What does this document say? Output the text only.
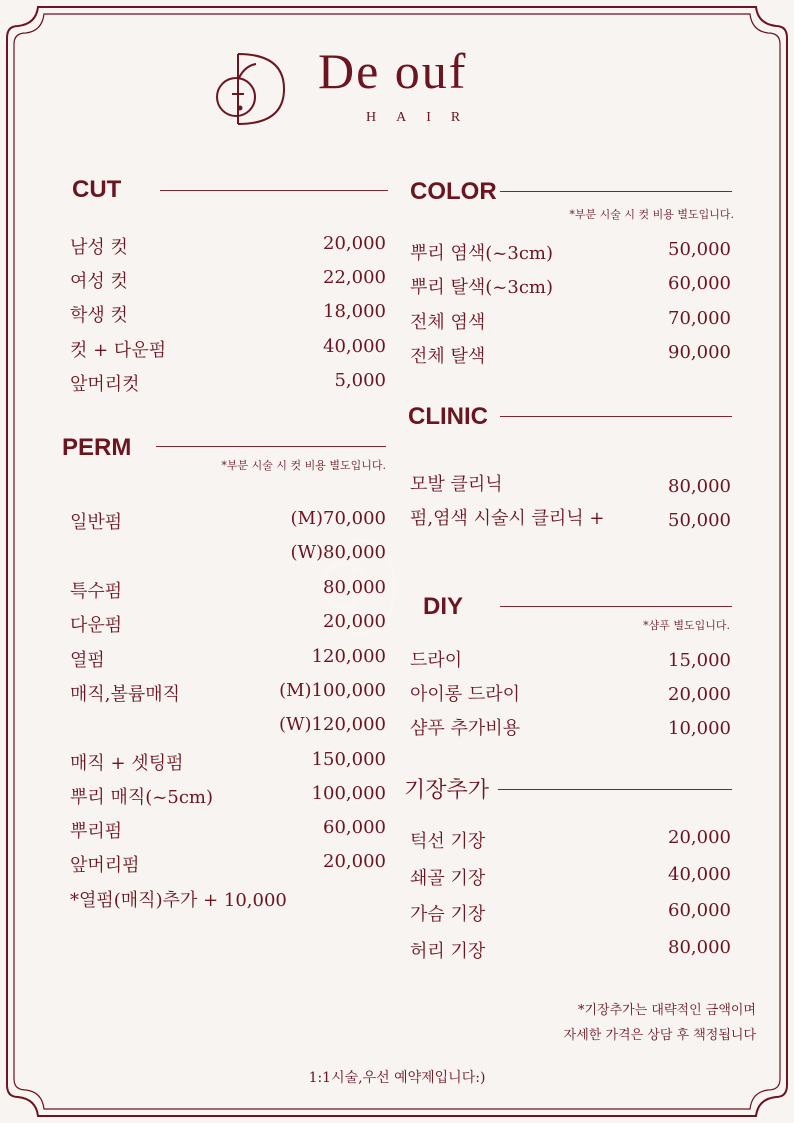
De ouf
HAIR
CUT
남성 컷	20,000
여성 컷	22,000
학생 컷	18,000
컷 + 다운펌	40,000
앞머리컷	5,000
PERM
*부분 시술 시 컷 비용 별도입니다.
일반펌	(M)70,000
(W)80,000
특수펌	80,000
다운펌	20,000
열펌	120,000
매직,볼륨매직	(M)100,000
(W)120,000
매직 + 셋팅펌	150,000
뿌리 매직(~5cm)	100,000
뿌리펌	60,000
앞머리펌	20,000
*열펌(매직)추가 + 10,000
COLOR
*부분 시술 시 컷 비용 별도입니다.
뿌리 염색(~3cm)	50,000
뿌리 탈색(~3cm)	60,000
전체 염색	70,000
전체 탈색	90,000
CLINIC
모발 클리닉	80,000
펌,염색 시술시 클리닉 +	50,000
DIY
*샴푸 별도입니다.
드라이	15,000
아이롱 드라이	20,000
샴푸 추가비용	10,000
기장추가
턱선 기장	20,000
쇄골 기장	40,000
가슴 기장	60,000
허리 기장	80,000
*기장추가는 대략적인 금액이며
자세한 가격은 상담 후 책정됩니다
1:1시술,우선 예약제입니다:)
